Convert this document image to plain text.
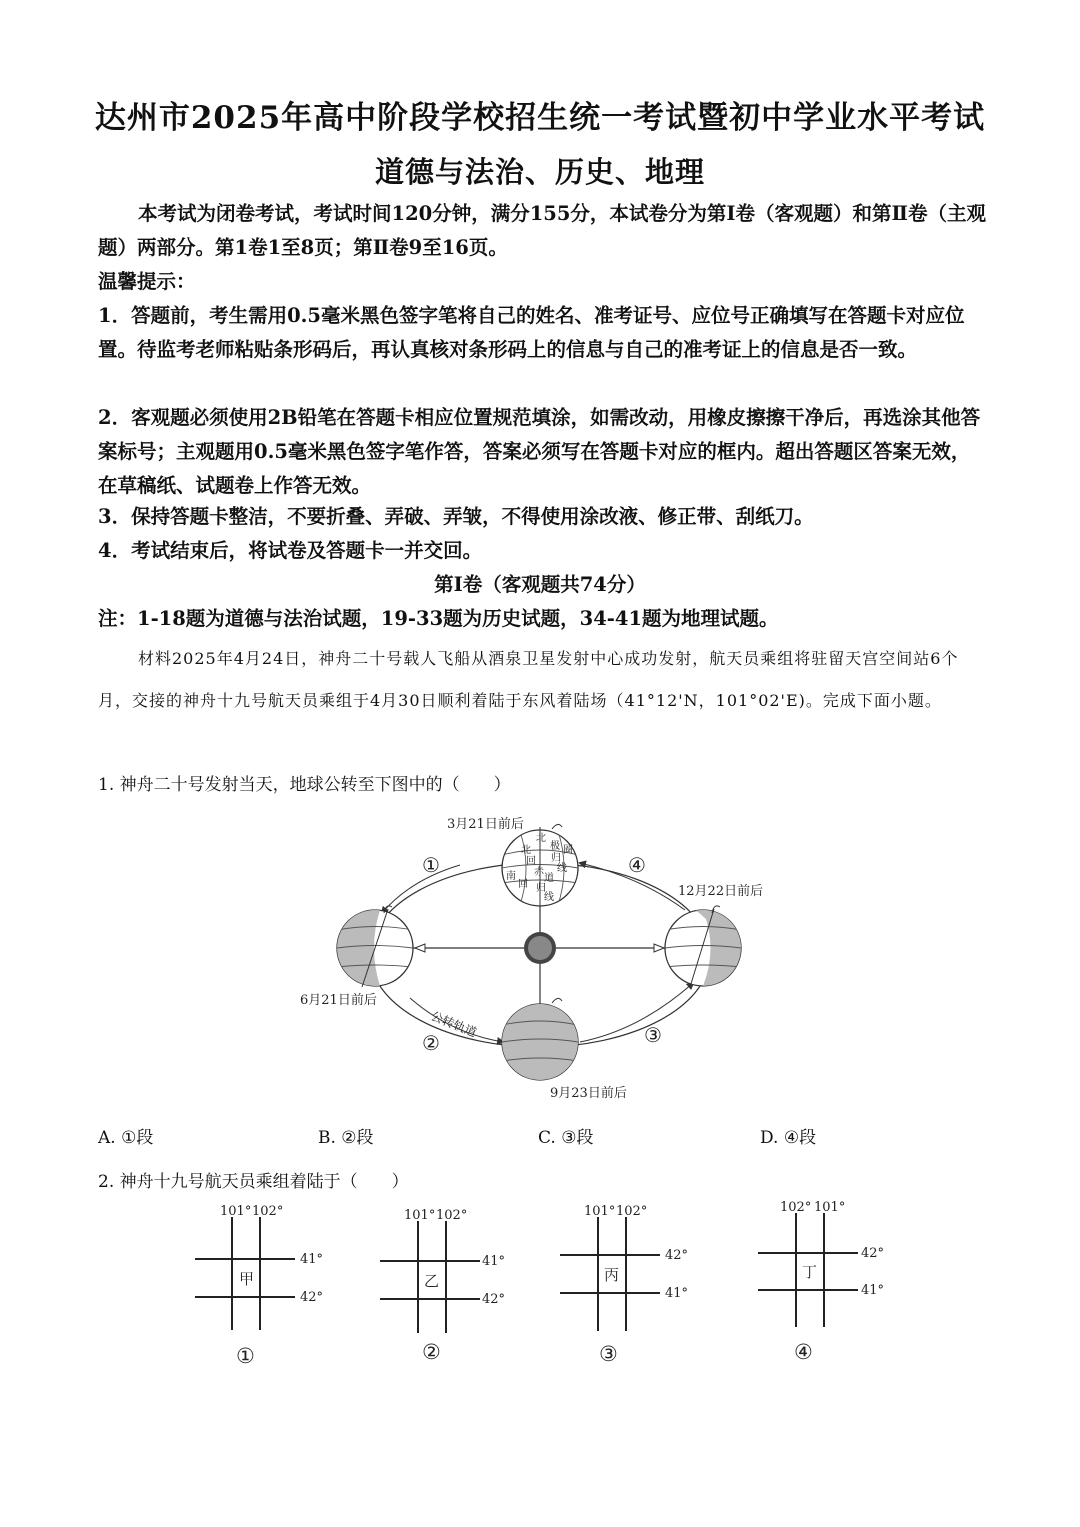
达州市2025年高中阶段学校招生统一考试暨初中学业水平考试
道德与法治、历史、地理
本考试为闭卷考试，考试时间120分钟，满分155分，本试卷分为第Ⅰ卷（客观题）和第Ⅱ卷（主观题）两部分。第1卷1至8页；第Ⅱ卷9至16页。
温馨提示：
1．答题前，考生需用0.5毫米黑色签字笔将自己的姓名、准考证号、应位号正确填写在答题卡对应位置。待监考老师粘贴条形码后，再认真核对条形码上的信息与自己的准考证上的信息是否一致。
2．客观题必须使用2B铅笔在答题卡相应位置规范填涂，如需改动，用橡皮擦擦干净后，再选涂其他答案标号；主观题用0.5毫米黑色签字笔作答，答案必须写在答题卡对应的框内。超出答题区答案无效，在草稿纸、试题卷上作答无效。
3．保持答题卡整洁，不要折叠、弄破、弄皱，不得使用涂改液、修正带、刮纸刀。
4．考试结束后，将试卷及答题卡一并交回。
第Ⅰ卷（客观题共74分）
注：1-18题为道德与法治试题，19-33题为历史试题，34-41题为地理试题。
材料2025年4月24日，神舟二十号载人飞船从酒泉卫星发射中心成功发射，航天员乘组将驻留天宫空间站6个月，交接的神舟十九号航天员乘组于4月30日顺利着陆于东风着陆场（41°12'N，101°02'E)。完成下面小题。
1. 神舟二十号发射当天，地球公转至下图中的（　　）
北
北 极 圈
回 归
线
赤
道
南
回 归
线
3月21日前后
12月22日前后
6月21日前后
9月23日前后
公转轨道
①
②	③
④
A. ①段	B. ②段	C. ③段	D. ④段
2. 神舟十九号航天员乘组着陆于（　　）
101° 102°
41°
42°
甲
101° 102°
41°
42°
乙
101° 102°
42°
41°
丙
102° 101°
42°
41°
丁
①	②	③	④
